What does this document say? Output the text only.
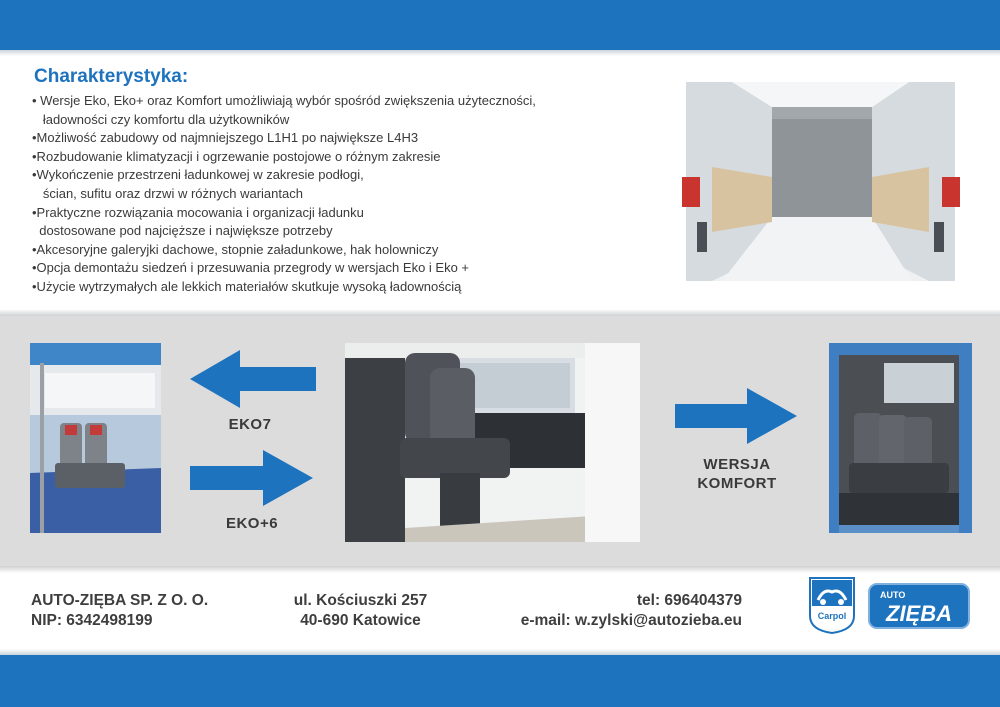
Charakterystyka:
• Wersje Eko, Eko+ oraz Komfort umożliwiają wybór spośród zwiększenia użyteczności,
ładowności czy komfortu dla użytkowników
•Możliwość zabudowy od najmniejszego L1H1 po największe L4H3
•Rozbudowanie klimatyzacji i ogrzewanie postojowe o różnym zakresie
•Wykończenie przestrzeni ładunkowej w zakresie podłogi,
ścian, sufitu oraz drzwi w różnych wariantach
•Praktyczne rozwiązania mocowania i organizacji ładunku
dostosowane pod najcięższe i największe potrzeby
•Akcesoryjne galeryjki dachowe, stopnie załadunkowe, hak holowniczy
•Opcja demontażu siedzeń i przesuwania przegrody w wersjach Eko i Eko +
•Użycie wytrzymałych ale lekkich materiałów skutkuje wysoką ładownością
EKO7
EKO+6
WERSJA
KOMFORT
AUTO-ZIĘBA SP. Z O. O.
NIP: 6342498199
ul. Kościuszki 257
40-690 Katowice
tel: 696404379
e-mail: w.zylski@autozieba.eu	Carpol
AUTO
ZIĘBA
